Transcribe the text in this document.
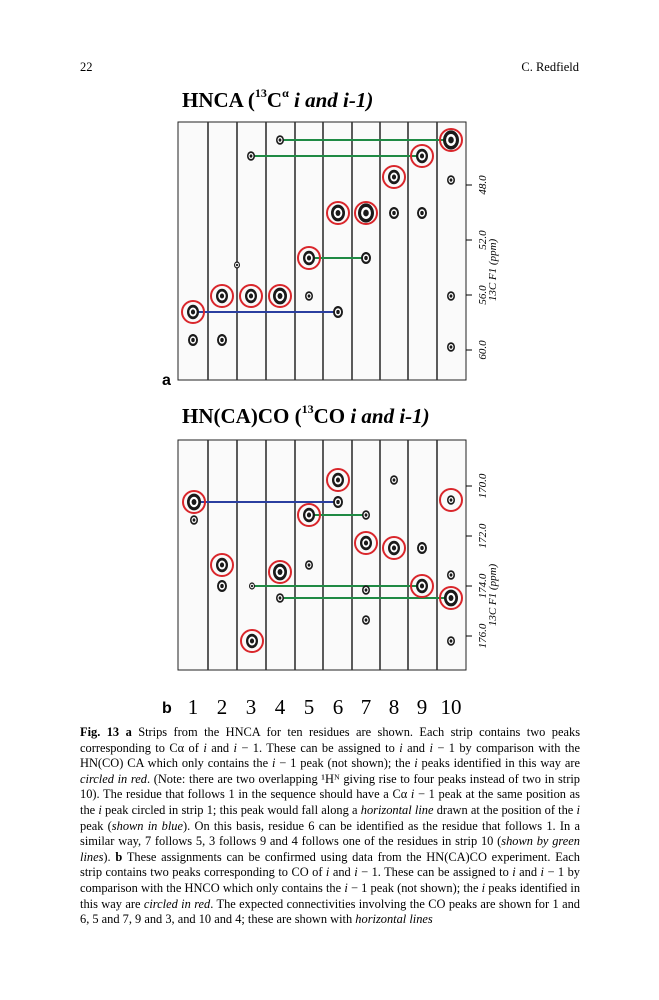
22	C. Redfield
HNCA ($^{13}C^\alpha$ i and i-1)
HN(CA)CO ($^{13}$CO i and i-1)
a
b
48.0
52.0
56.0
60.0
13C F1 (ppm)
170.0
172.0
174.0
176.0
13C F1 (ppm)
1 2 3 4 5 6 7 8 9 10

Fig. 13 a Strips from the HNCA for ten residues are shown. Each strip contains two peaks corresponding to Cα of i and i − 1. These can be assigned to i and i − 1 by comparison with the HN(CO) CA which only contains the i − 1 peak (not shown); the i peaks identified in this way are circled in red. (Note: there are two overlapping ¹Hᴺ giving rise to four peaks instead of two in strip 10). The residue that follows 1 in the sequence should have a Cα i − 1 peak at the same position as the i peak circled in strip 1; this peak would fall along a horizontal line drawn at the position of the i peak (shown in blue). On this basis, residue 6 can be identified as the residue that follows 1. In a similar way, 7 follows 5, 3 follows 9 and 4 follows one of the residues in strip 10 (shown by green lines). b These assignments can be confirmed using data from the HN(CA)CO experiment. Each strip contains two peaks corresponding to CO of i and i − 1. These can be assigned to i and i − 1 by comparison with the HNCO which only contains the i − 1 peak (not shown); the i peaks identified in this way are circled in red. The expected connectivities involving the CO peaks are shown for 1 and 6, 5 and 7, 9 and 3, and 10 and 4; these are shown with horizontal lines
